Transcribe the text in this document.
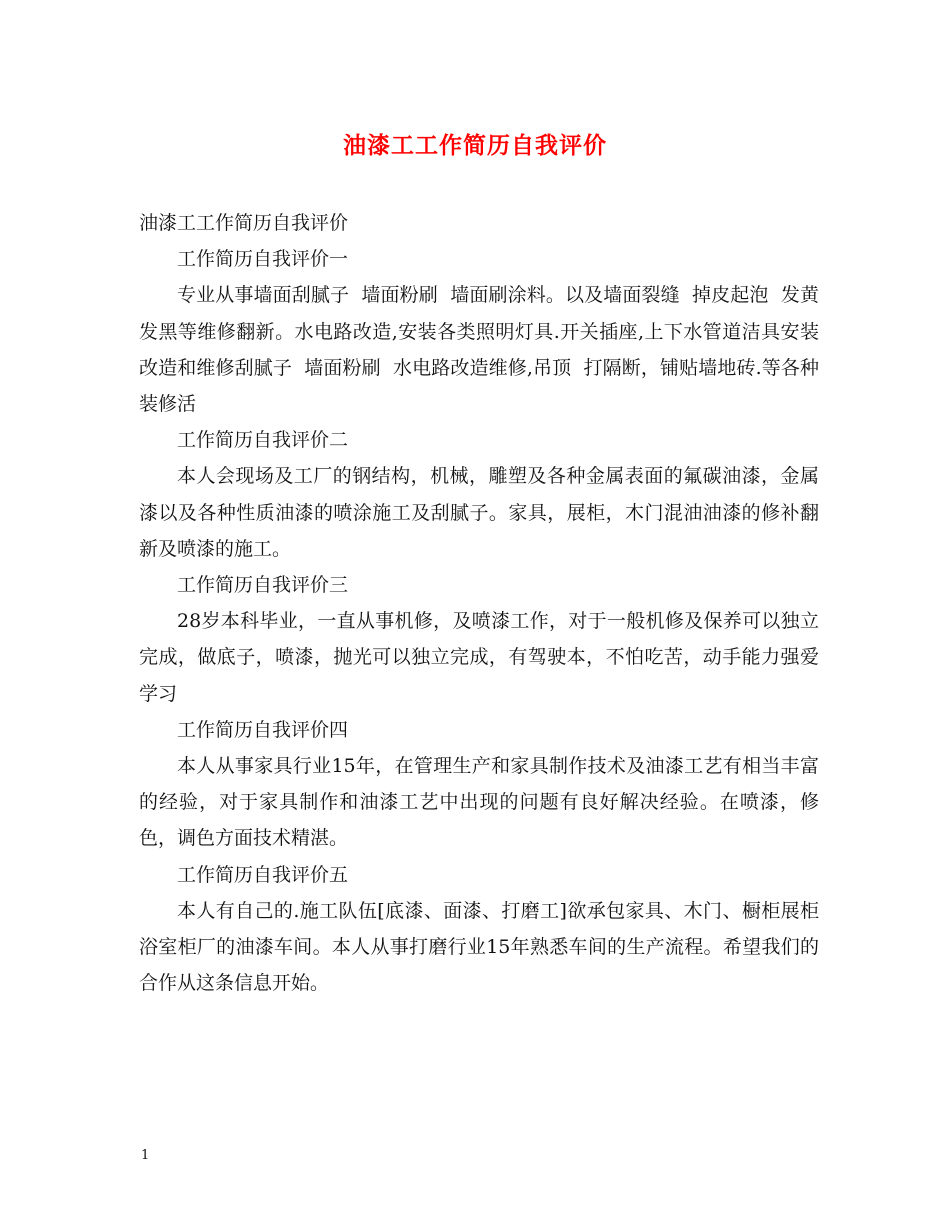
油漆工工作简历自我评价

油漆工工作简历自我评价

工作简历自我评价一

专业从事墙面刮腻子  墙面粉刷  墙面刷涂料。以及墙面裂缝  掉皮起泡  发黄  发黑等维修翻新。水电路改造,安装各类照明灯具.开关插座,上下水管道洁具安装改造和维修刮腻子  墙面粉刷  水电路改造维修,吊顶  打隔断，铺贴墙地砖.等各种装修活

工作简历自我评价二

本人会现场及工厂的钢结构，机械，雕塑及各种金属表面的氟碳油漆，金属漆以及各种性质油漆的喷涂施工及刮腻子。家具，展柜，木门混油油漆的修补翻新及喷漆的施工。

工作简历自我评价三

28岁本科毕业，一直从事机修，及喷漆工作，对于一般机修及保养可以独立完成，做底子，喷漆，抛光可以独立完成，有驾驶本，不怕吃苦，动手能力强爱学习

工作简历自我评价四

本人从事家具行业15年，在管理生产和家具制作技术及油漆工艺有相当丰富的经验，对于家具制作和油漆工艺中出现的问题有良好解决经验。在喷漆，修色，调色方面技术精湛。

工作简历自我评价五

本人有自己的.施工队伍[底漆、面漆、打磨工]欲承包家具、木门、橱柜展柜浴室柜厂的油漆车间。本人从事打磨行业15年熟悉车间的生产流程。希望我们的合作从这条信息开始。

1
